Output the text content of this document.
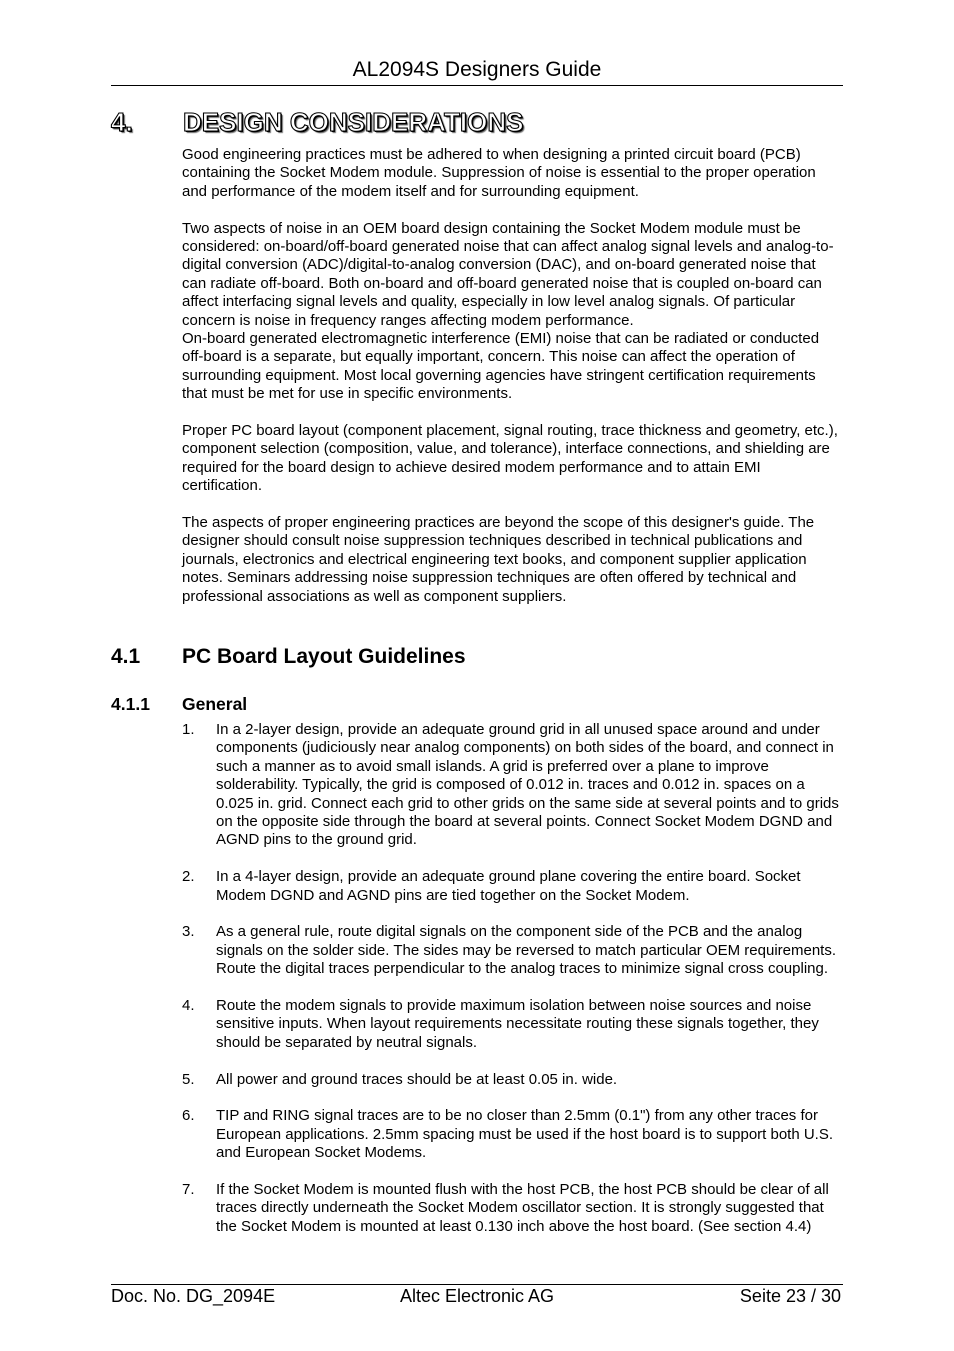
AL2094S Designers Guide
4. DESIGN CONSIDERATIONS

Good engineering practices must be adhered to when designing a printed circuit board (PCB) containing the Socket Modem module. Suppression of noise is essential to the proper operation and performance of the modem itself and for surrounding equipment.

Two aspects of noise in an OEM board design containing the Socket Modem module must be considered: on-board/off-board generated noise that can affect analog signal levels and analog-to-digital conversion (ADC)/digital-to-analog conversion (DAC), and on-board generated noise that can radiate off-board. Both on-board and off-board generated noise that is coupled on-board can affect interfacing signal levels and quality, especially in low level analog signals. Of particular concern is noise in frequency ranges affecting modem performance.

On-board generated electromagnetic interference (EMI) noise that can be radiated or conducted off-board is a separate, but equally important, concern. This noise can affect the operation of surrounding equipment. Most local governing agencies have stringent certification requirements that must be met for use in specific environments.

Proper PC board layout (component placement, signal routing, trace thickness and geometry, etc.), component selection (composition, value, and tolerance), interface connections, and shielding are required for the board design to achieve desired modem performance and to attain EMI certification.

The aspects of proper engineering practices are beyond the scope of this designer's guide. The designer should consult noise suppression techniques described in technical publications and journals, electronics and electrical engineering text books, and component supplier application notes. Seminars addressing noise suppression techniques are often offered by technical and professional associations as well as component suppliers.

4.1 PC Board Layout Guidelines
4.1.1 General
1. In a 2-layer design, provide an adequate ground grid in all unused space around and under components (judiciously near analog components) on both sides of the board, and connect in such a manner as to avoid small islands. A grid is preferred over a plane to improve solderability. Typically, the grid is composed of 0.012 in. traces and 0.012 in. spaces on a 0.025 in. grid. Connect each grid to other grids on the same side at several points and to grids on the opposite side through the board at several points. Connect Socket Modem DGND and AGND pins to the ground grid.
2. In a 4-layer design, provide an adequate ground plane covering the entire board. Socket Modem DGND and AGND pins are tied together on the Socket Modem.
3. As a general rule, route digital signals on the component side of the PCB and the analog signals on the solder side. The sides may be reversed to match particular OEM requirements. Route the digital traces perpendicular to the analog traces to minimize signal cross coupling.
4. Route the modem signals to provide maximum isolation between noise sources and noise sensitive inputs. When layout requirements necessitate routing these signals together, they should be separated by neutral signals.
5. All power and ground traces should be at least 0.05 in. wide.
6. TIP and RING signal traces are to be no closer than 2.5mm (0.1") from any other traces for European applications. 2.5mm spacing must be used if the host board is to support both U.S. and European Socket Modems.
7. If the Socket Modem is mounted flush with the host PCB, the host PCB should be clear of all traces directly underneath the Socket Modem oscillator section. It is strongly suggested that the Socket Modem is mounted at least 0.130 inch above the host board. (See section 4.4)
Altec Electronic AG
Doc. No. DG_2094E	Seite 23 / 30
